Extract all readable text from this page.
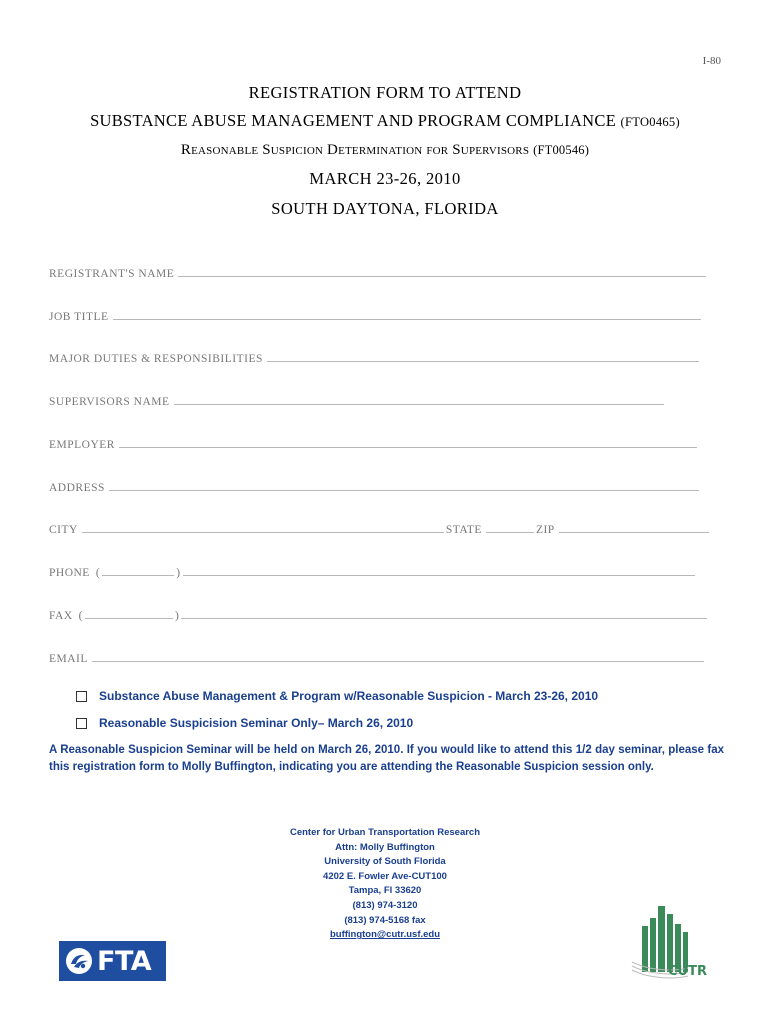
I-80

REGISTRATION FORM TO ATTEND

SUBSTANCE ABUSE MANAGEMENT AND PROGRAM COMPLIANCE (FTO0465)

Reasonable Suspicion Determination for Supervisors (FT00546)

MARCH 23-26, 2010

SOUTH DAYTONA, FLORIDA

REGISTRANT'S NAME
JOB TITLE
MAJOR DUTIES & RESPONSIBILITIES
SUPERVISORS NAME
EMPLOYER
ADDRESS
CITY	STATE	ZIP
PHONE (	)
FAX (	)
EMAIL
Substance Abuse Management & Program w/Reasonable Suspicion - March 23-26, 2010
Reasonable Suspicision Seminar Only– March 26, 2010
A Reasonable Suspicion Seminar will be held on March 26, 2010. If you would like to attend this 1/2 day seminar, please fax this registration form to Molly Buffington, indicating you are attending the Reasonable Suspicion session only.
Center for Urban Transportation Research
Attn: Molly Buffington
University of South Florida
4202 E. Fowler Ave-CUT100
Tampa, Fl 33620
(813) 974-3120
(813) 974-5168 fax
buffington@cutr.usf.edu
FTA	CUTR
